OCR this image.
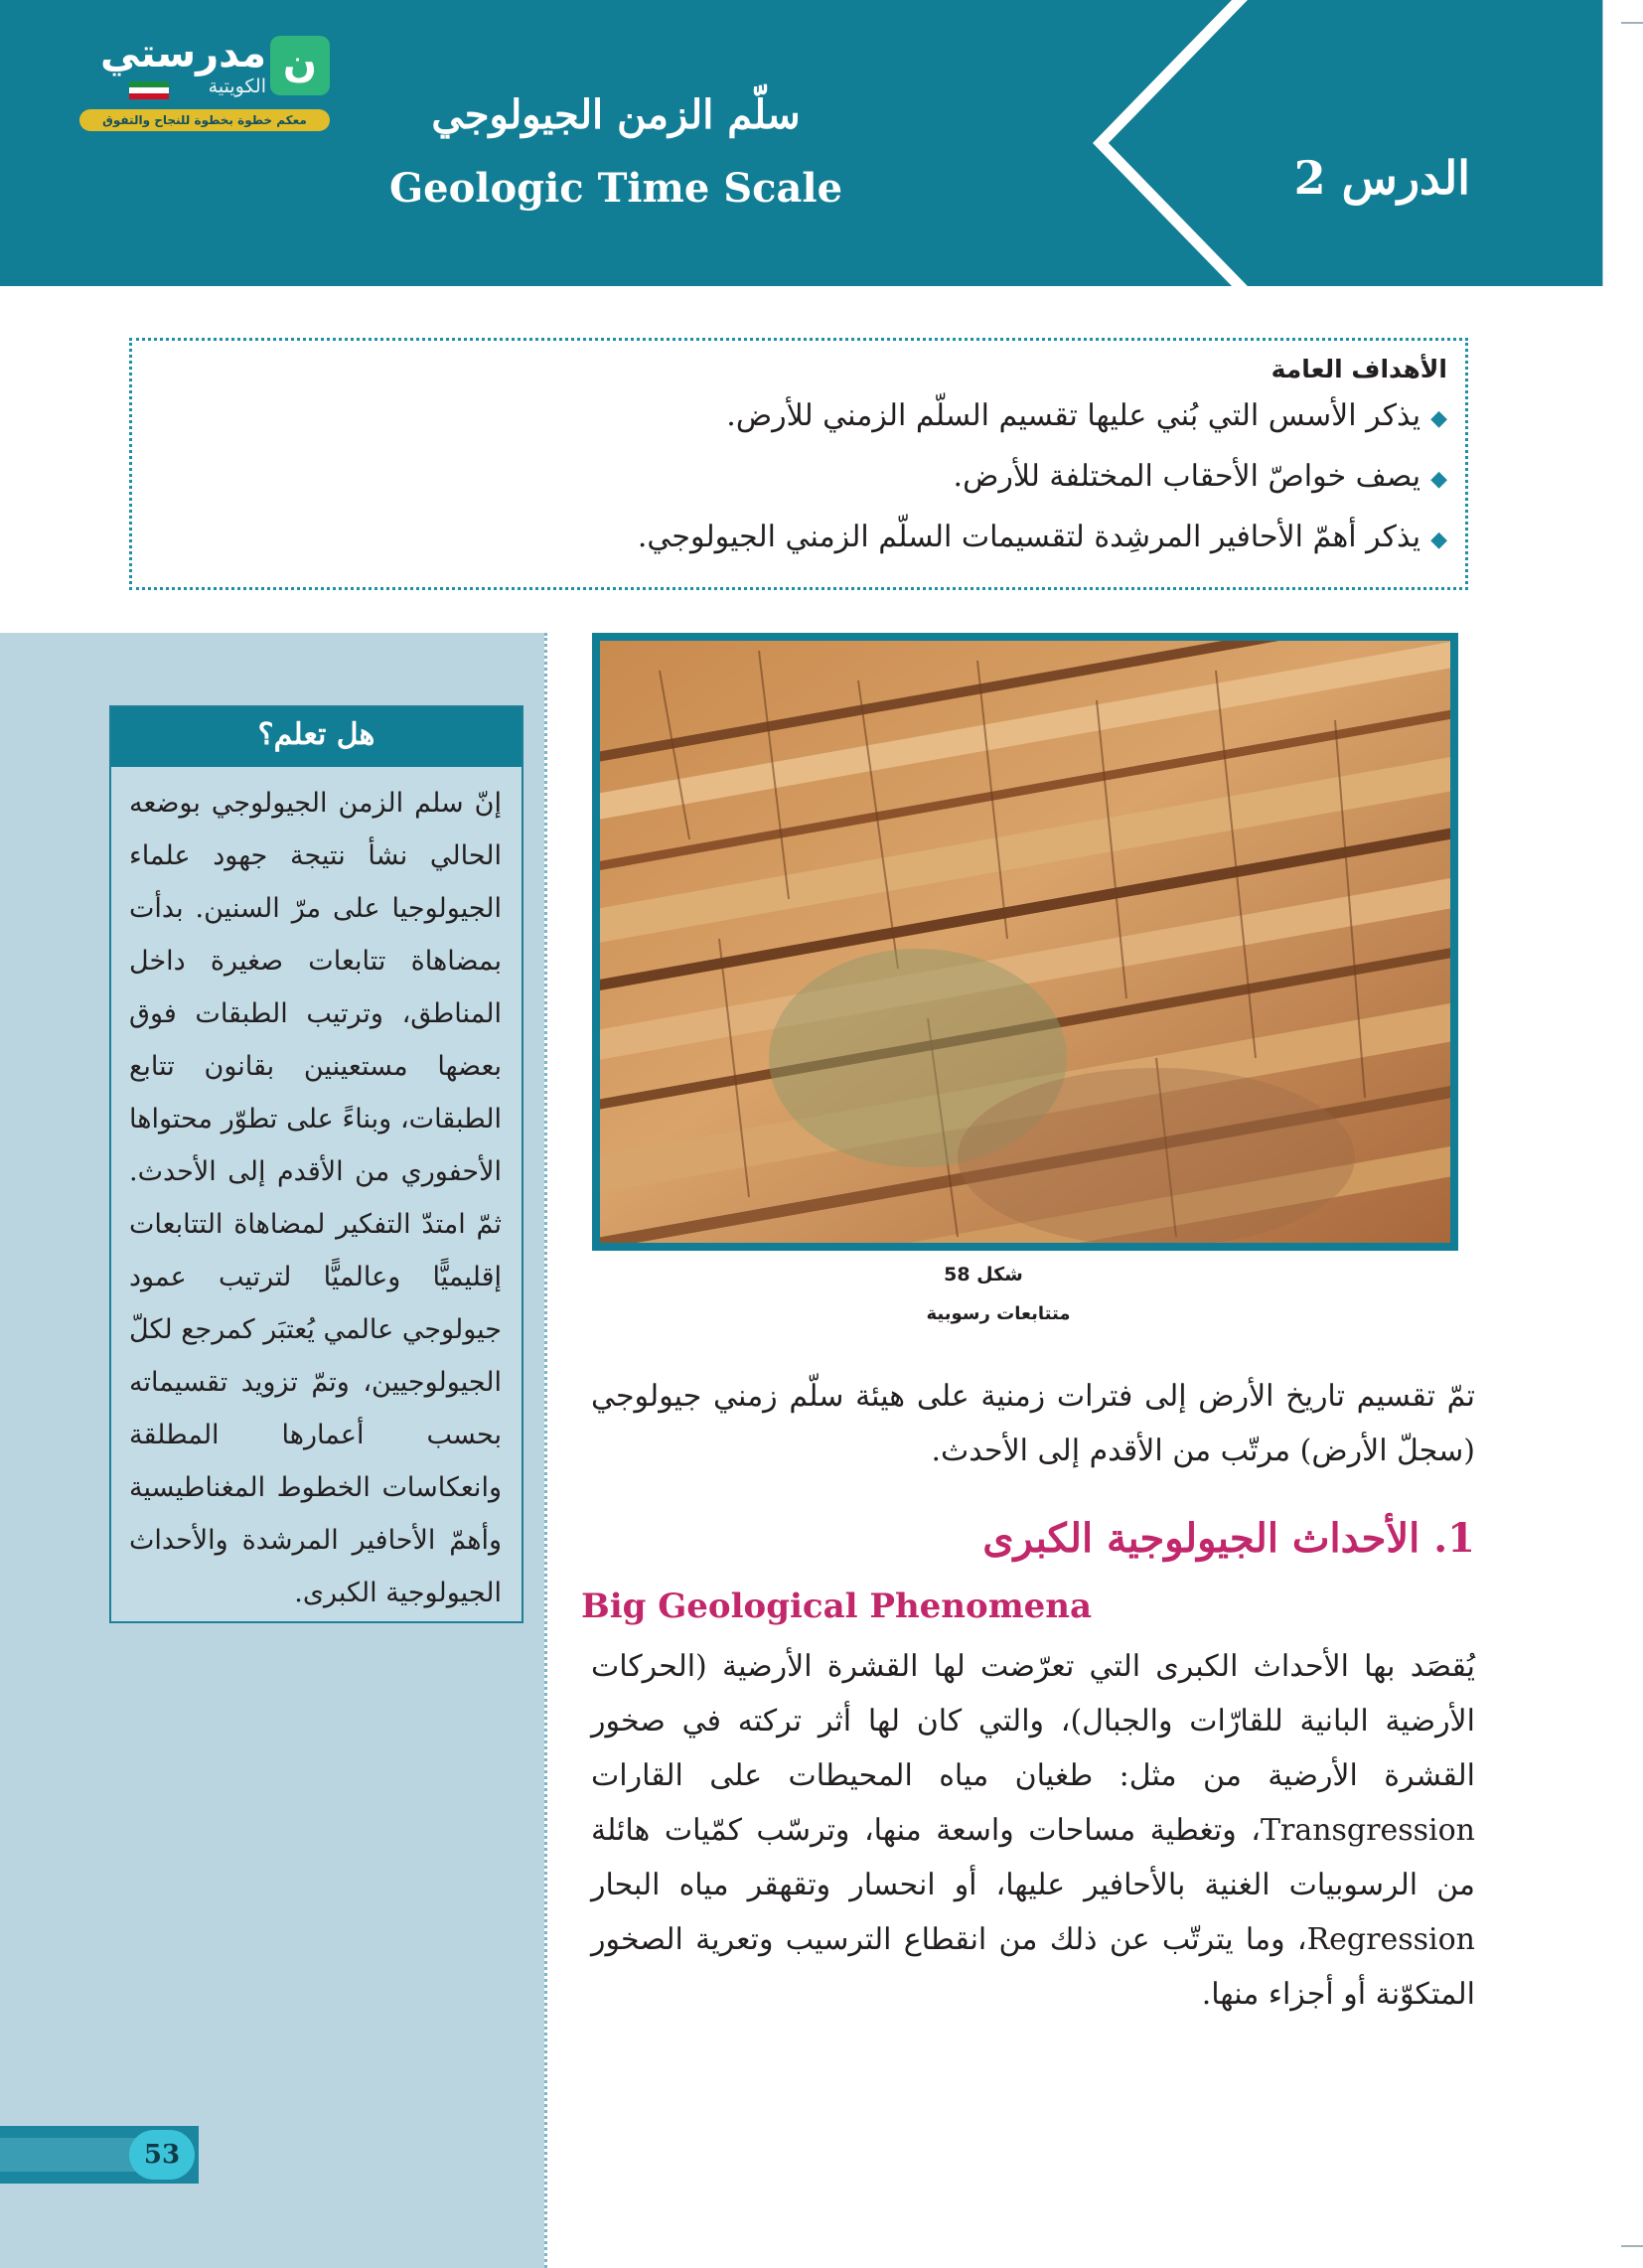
ن
مدرستي
الكويتية
معكم خطوة بخطوة للنجاح والتفوق	سلّم الزمن الجيولوجي
Geologic Time Scale	الدرس 2
الأهداف العامة
◆يذكر الأسس التي بُني عليها تقسيم السلّم الزمني للأرض.
◆يصف خواصّ الأحقاب المختلفة للأرض.
◆يذكر أهمّ الأحافير المرشِدة لتقسيمات السلّم الزمني الجيولوجي.
هل تعلم؟
إنّ سلم الزمن الجيولوجي بوضعه الحالي نشأ نتيجة جهود علماء الجيولوجيا على مرّ السنين. بدأت بمضاهاة تتابعات صغيرة داخل المناطق، وترتيب الطبقات فوق بعضها مستعينين بقانون تتابع الطبقات، وبناءً على تطوّر محتواها الأحفوري من الأقدم إلى الأحدث. ثمّ امتدّ التفكير لمضاهاة التتابعات إقليميًّا وعالميًّا لترتيب عمود جيولوجي عالمي يُعتبَر كمرجع لكلّ الجيولوجيين، وتمّ تزويد تقسيماته بحسب أعمارها المطلقة وانعكاسات الخطوط المغناطيسية وأهمّ الأحافير المرشدة والأحداث الجيولوجية الكبرى.
53
شكل 58
متتابعات رسوبية
تمّ تقسيم تاريخ الأرض إلى فترات زمنية على هيئة سلّم زمني جيولوجي (سجلّ الأرض) مرتّب من الأقدم إلى الأحدث.
1. الأحداث الجيولوجية الكبرى
Big Geological Phenomena
يُقصَد بها الأحداث الكبرى التي تعرّضت لها القشرة الأرضية (الحركات الأرضية البانية للقارّات والجبال)، والتي كان لها أثر تركته في صخور القشرة الأرضية من مثل: طغيان مياه المحيطات على القارات Transgression، وتغطية مساحات واسعة منها، وترسّب كمّيات هائلة من الرسوبيات الغنية بالأحافير عليها، أو انحسار وتقهقر مياه البحار Regression، وما يترتّب عن ذلك من انقطاع الترسيب وتعرية الصخور المتكوّنة أو أجزاء منها.
